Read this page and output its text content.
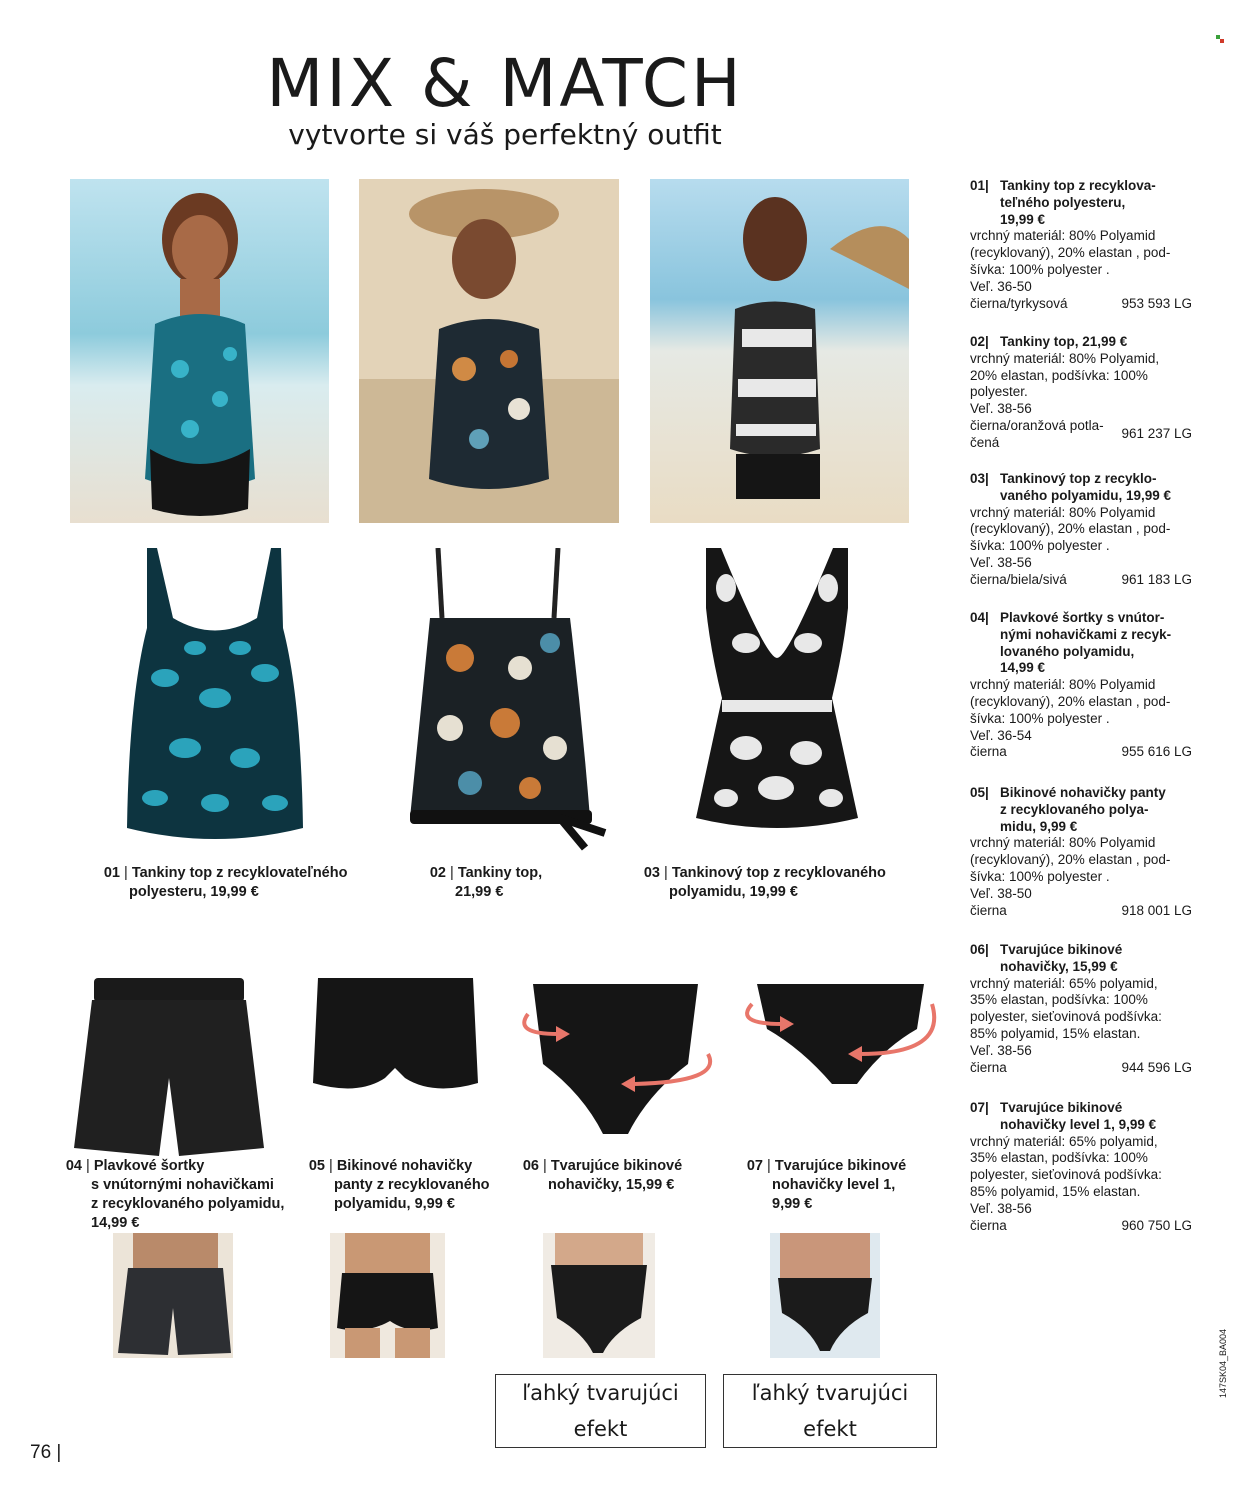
MIX & MATCH
vytvorte si váš perfektný outfit
01 | Tankiny top z recyklovateľného
polyesteru, 19,99 €
02 | Tankiny top,
21,99 €
03 | Tankinový top z recyklovaného
polyamidu, 19,99 €
04 | Plavkové šortky
s vnútornými nohavičkami
z recyklovaného polyamidu,
14,99 €
05 | Bikinové nohavičky
panty z recyklovaného
polyamidu, 9,99 €
06 | Tvarujúce bikinové
nohavičky, 15,99 €
07 | Tvarujúce bikinové
nohavičky level 1,
9,99 €
ľahký tvarujúci efekt
ľahký tvarujúci efekt
01| Tankiny top z recyklova-
teľného polyesteru,
19,99 €
vrchný materiál: 80% Polyamid
(recyklovaný), 20% elastan , pod-
šívka: 100% polyester .
Veľ. 36-50
čierna/tyrkysová	953 593 LG
02| Tankiny top, 21,99 €
vrchný materiál: 80% Polyamid,
20% elastan, podšívka: 100%
polyester.
Veľ. 38-56
čierna/oranžová potla-
čená
961 237 LG
03| Tankinový top z recyklo-
vaného polyamidu, 19,99 €
vrchný materiál: 80% Polyamid
(recyklovaný), 20% elastan , pod-
šívka: 100% polyester .
Veľ. 38-56
čierna/biela/sivá	961 183 LG
04| Plavkové šortky s vnútor-
nými nohavičkami z recyk-
lovaného polyamidu,
14,99 €
vrchný materiál: 80% Polyamid
(recyklovaný), 20% elastan , pod-
šívka: 100% polyester .
Veľ. 36-54
čierna	955 616 LG
05| Bikinové nohavičky panty
z recyklovaného polya-
midu, 9,99 €
vrchný materiál: 80% Polyamid
(recyklovaný), 20% elastan , pod-
šívka: 100% polyester .
Veľ. 38-50
čierna	918 001 LG
06| Tvarujúce bikinové
nohavičky, 15,99 €
vrchný materiál: 65% polyamid,
35% elastan, podšívka: 100%
polyester, sieťovinová podšívka:
85% polyamid, 15% elastan.
Veľ. 38-56
čierna	944 596 LG
07| Tvarujúce bikinové
nohavičky level 1, 9,99 €
vrchný materiál: 65% polyamid,
35% elastan, podšívka: 100%
polyester, sieťovinová podšívka:
85% polyamid, 15% elastan.
Veľ. 38-56
čierna	960 750 LG
76 |
147SK04_BA004
